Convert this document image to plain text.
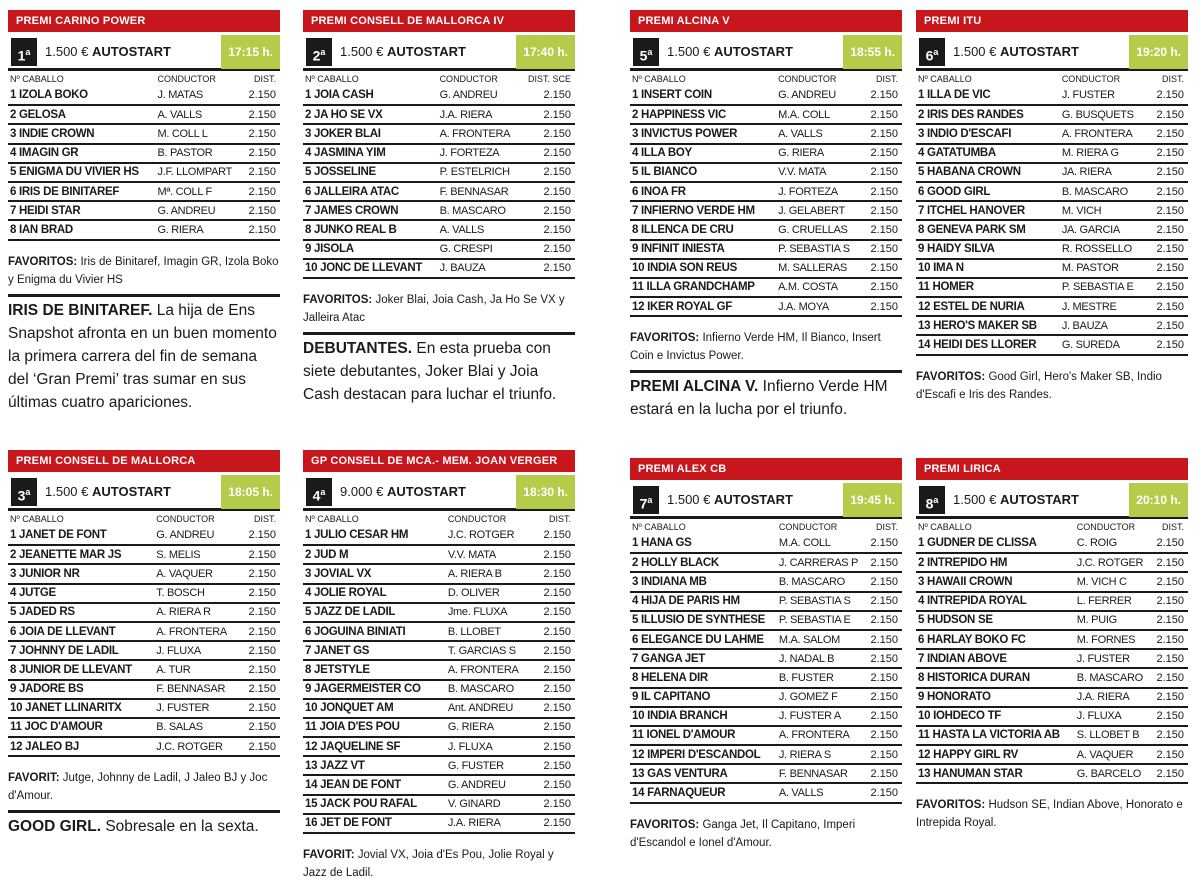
PREMI CARINO POWER
1$^a$	1.500 € AUTOSTART	17:15 h.
Nº CABALLO	CONDUCTOR	DIST.
1 IZOLA BOKO	J. MATAS	2.150
2 GELOSA	A. VALLS	2.150
3 INDIE CROWN	M. COLL L	2.150
4 IMAGIN GR	B. PASTOR	2.150
5 ENIGMA DU VIVIER HS	J.F. LLOMPART	2.150
6 IRIS DE BINITAREF	Mª. COLL F	2.150
7 HEIDI STAR	G. ANDREU	2.150
8 IAN BRAD	G. RIERA	2.150
FAVORITOS: Iris de Binitaref, Imagin GR, Izola Boko y Enigma du Vivier HS
IRIS DE BINITAREF. La hija de Ens Snapshot afronta en un buen momento la primera carrera del fin de semana del ‘Gran Premi’ tras sumar en sus últimas cuatro apariciones.
PREMI CONSELL DE MALLORCA IV
2$^a$	1.500 € AUTOSTART	17:40 h.
Nº CABALLO	CONDUCTOR	DIST. SCE
1 JOIA CASH	G. ANDREU	2.150
2 JA HO SE VX	J.A. RIERA	2.150
3 JOKER BLAI	A. FRONTERA	2.150
4 JASMINA YIM	J. FORTEZA	2.150
5 JOSSELINE	P. ESTELRICH	2.150
6 JALLEIRA ATAC	F. BENNASAR	2.150
7 JAMES CROWN	B. MASCARO	2.150
8 JUNKO REAL B	A. VALLS	2.150
9 JISOLA	G. CRESPI	2.150
10 JONC DE LLEVANT	J. BAUZA	2.150
FAVORITOS: Joker Blai, Joia Cash, Ja Ho Se VX y Jalleira Atac
DEBUTANTES. En esta prueba con siete debutantes, Joker Blai y Joia Cash destacan para luchar el triunfo.
PREMI ALCINA V
5$^a$	1.500 € AUTOSTART	18:55 h.
Nº CABALLO	CONDUCTOR	DIST.
1 INSERT COIN	G. ANDREU	2.150
2 HAPPINESS VIC	M.A. COLL	2.150
3 INVICTUS POWER	A. VALLS	2.150
4 ILLA BOY	G. RIERA	2.150
5 IL BIANCO	V.V. MATA	2.150
6 INOA FR	J. FORTEZA	2.150
7 INFIERNO VERDE HM	J. GELABERT	2.150
8 ILLENCA DE CRU	G. CRUELLAS	2.150
9 INFINIT INIESTA	P. SEBASTIA S	2.150
10 INDIA SON REUS	M. SALLERAS	2.150
11 ILLA GRANDCHAMP	A.M. COSTA	2.150
12 IKER ROYAL GF	J.A. MOYA	2.150
FAVORITOS: Infierno Verde HM, Il Bianco, Insert Coin e Invictus Power.
PREMI ALCINA V. Infierno Verde HM estará en la lucha por el triunfo.
PREMI ITU
6$^a$	1.500 € AUTOSTART	19:20 h.
Nº CABALLO	CONDUCTOR	DIST.
1 ILLA DE VIC	J. FUSTER	2.150
2 IRIS DES RANDES	G. BUSQUETS	2.150
3 INDIO D'ESCAFI	A. FRONTERA	2.150
4 GATATUMBA	M. RIERA G	2.150
5 HABANA CROWN	JA. RIERA	2.150
6 GOOD GIRL	B. MASCARO	2.150
7 ITCHEL HANOVER	M. VICH	2.150
8 GENEVA PARK SM	JA. GARCIA	2.150
9 HAIDY SILVA	R. ROSSELLO	2.150
10 IMA N	M. PASTOR	2.150
11 HOMER	P. SEBASTIA E	2.150
12 ESTEL DE NURIA	J. MESTRE	2.150
13 HERO'S MAKER SB	J. BAUZA	2.150
14 HEIDI DES LLORER	G. SUREDA	2.150
FAVORITOS: Good Girl, Hero's Maker SB, Indio d'Escafi e Iris des Randes.
PREMI CONSELL DE MALLORCA
3$^a$	1.500 € AUTOSTART	18:05 h.
Nº CABALLO	CONDUCTOR	DIST.
1 JANET DE FONT	G. ANDREU	2.150
2 JEANETTE MAR JS	S. MELIS	2.150
3 JUNIOR NR	A. VAQUER	2.150
4 JUTGE	T. BOSCH	2.150
5 JADED RS	A. RIERA R	2.150
6 JOIA DE LLEVANT	A. FRONTERA	2.150
7 JOHNNY DE LADIL	J. FLUXA	2.150
8 JUNIOR DE LLEVANT	A. TUR	2.150
9 JADORE BS	F. BENNASAR	2.150
10 JANET LLINARITX	J. FUSTER	2.150
11 JOC D'AMOUR	B. SALAS	2.150
12 JALEO BJ	J.C. ROTGER	2.150
FAVORIT: Jutge, Johnny de Ladil, J Jaleo BJ y Joc d'Amour.
GOOD GIRL. Sobresale en la sexta.
GP CONSELL DE MCA.- MEM. JOAN VERGER
4$^a$	9.000 € AUTOSTART	18:30 h.
Nº CABALLO	CONDUCTOR	DIST.
1 JULIO CESAR HM	J.C. ROTGER	2.150
2 JUD M	V.V. MATA	2.150
3 JOVIAL VX	A. RIERA B	2.150
4 JOLIE ROYAL	D. OLIVER	2.150
5 JAZZ DE LADIL	Jme. FLUXA	2.150
6 JOGUINA BINIATI	B. LLOBET	2.150
7 JANET GS	T. GARCIAS S	2.150
8 JETSTYLE	A. FRONTERA	2.150
9 JAGERMEISTER CO	B. MASCARO	2.150
10 JONQUET AM	Ant. ANDREU	2.150
11 JOIA D'ES POU	G. RIERA	2.150
12 JAQUELINE SF	J. FLUXA	2.150
13 JAZZ VT	G. FUSTER	2.150
14 JEAN DE FONT	G. ANDREU	2.150
15 JACK POU RAFAL	V. GINARD	2.150
16 JET DE FONT	J.A. RIERA	2.150
FAVORIT: Jovial VX, Joia d'Es Pou, Jolie Royal y Jazz de Ladil.
PREMI ALEX CB
7$^a$	1.500 € AUTOSTART	19:45 h.
Nº CABALLO	CONDUCTOR	DIST.
1 HANA GS	M.A. COLL	2.150
2 HOLLY BLACK	J. CARRERAS P	2.150
3 INDIANA MB	B. MASCARO	2.150
4 HIJA DE PARIS HM	P. SEBASTIA S	2.150
5 ILLUSIO DE SYNTHESE	P. SEBASTIA E	2.150
6 ELEGANCE DU LAHME	M.A. SALOM	2.150
7 GANGA JET	J. NADAL B	2.150
8 HELENA DIR	B. FUSTER	2.150
9 IL CAPITANO	J. GOMEZ F	2.150
10 INDIA BRANCH	J. FUSTER A	2.150
11 IONEL D'AMOUR	A. FRONTERA	2.150
12 IMPERI D'ESCANDOL	J. RIERA S	2.150
13 GAS VENTURA	F. BENNASAR	2.150
14 FARNAQUEUR	A. VALLS	2.150
FAVORITOS: Ganga Jet, Il Capitano, Imperi d'Escandol e Ionel d'Amour.
PREMI LIRICA
8$^a$	1.500 € AUTOSTART	20:10 h.
Nº CABALLO	CONDUCTOR	DIST.
1 GUDNER DE CLISSA	C. ROIG	2.150
2 INTREPIDO HM	J.C. ROTGER	2.150
3 HAWAII CROWN	M. VICH C	2.150
4 INTREPIDA ROYAL	L. FERRER	2.150
5 HUDSON SE	M. PUIG	2.150
6 HARLAY BOKO FC	M. FORNES	2.150
7 INDIAN ABOVE	J. FUSTER	2.150
8 HISTORICA DURAN	B. MASCARO	2.150
9 HONORATO	J.A. RIERA	2.150
10 IOHDECO TF	J. FLUXA	2.150
11 HASTA LA VICTORIA AB	S. LLOBET B	2.150
12 HAPPY GIRL RV	A. VAQUER	2.150
13 HANUMAN STAR	G. BARCELO	2.150
FAVORITOS: Hudson SE, Indian Above, Honorato e Intrepida Royal.
